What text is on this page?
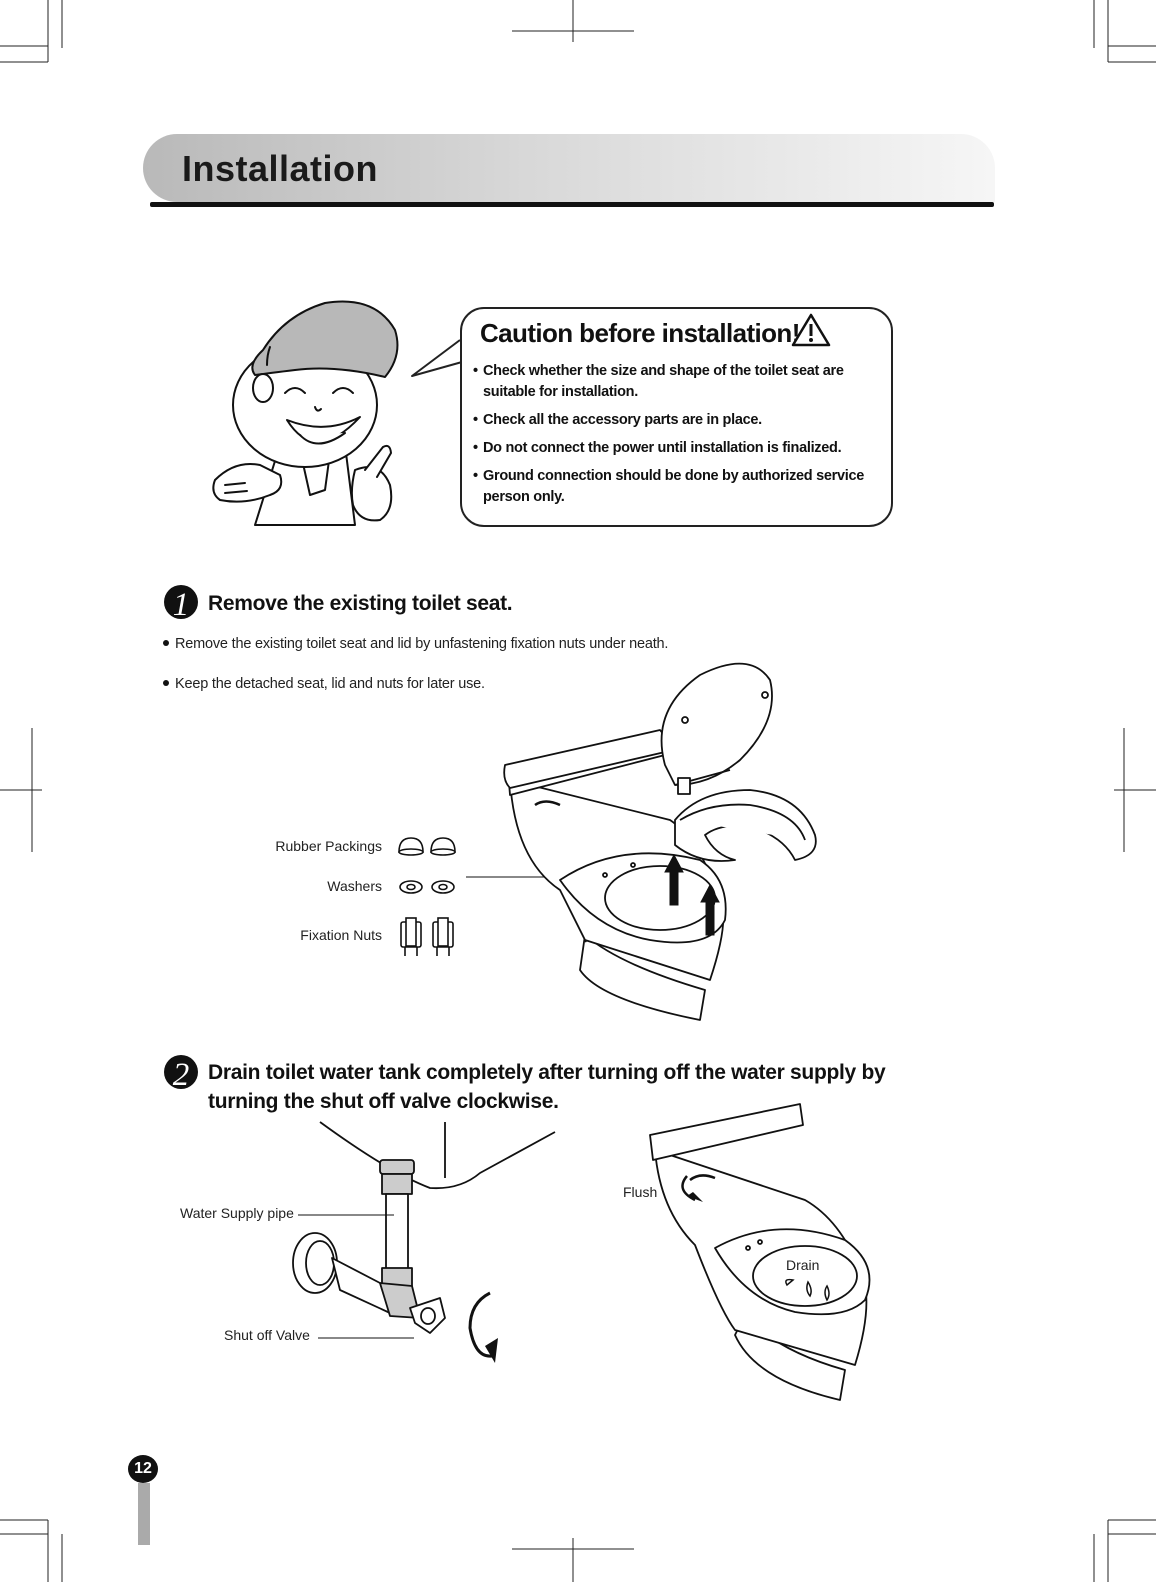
Installation
Caution before installation!
• Check whether the size and shape of the toilet seat are suitable for installation.
• Check all the accessory parts are in place.
• Do not connect the power until installation is finalized.
• Ground connection should be done by authorized service person only.
1 Remove the existing toilet seat.
Remove the existing toilet seat and lid by unfastening fixation nuts under neath.
Keep the detached seat, lid and nuts for later use.
Rubber Packings
Washers
Fixation Nuts
2 Drain toilet water tank completely after turning off the water supply by
turning the shut off valve clockwise.
Water Supply pipe
Shut off Valve
Flush
Drain
12
